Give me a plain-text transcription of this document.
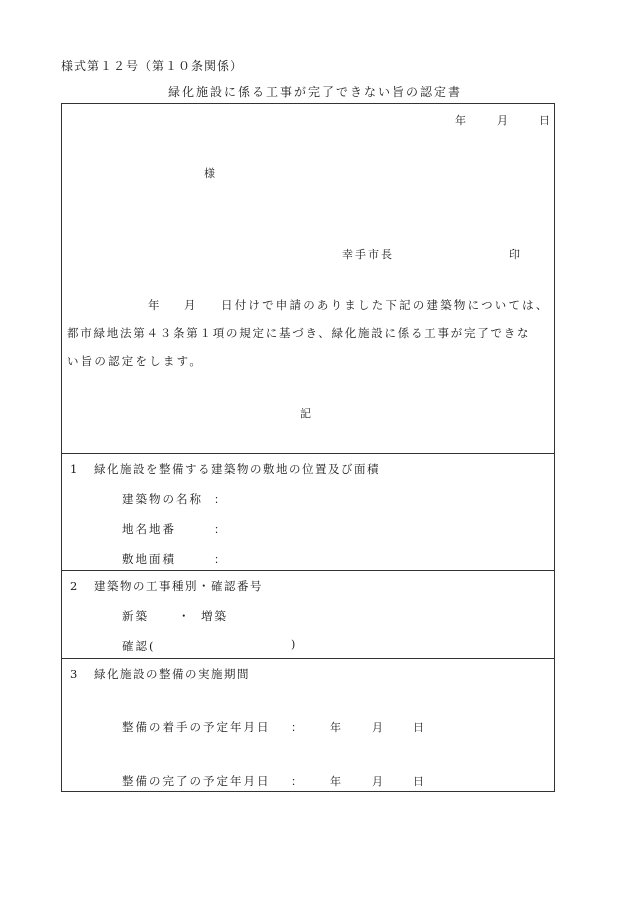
様式第１２号（第１０条関係）
緑化施設に係る工事が完了できない旨の認定書
年	月	日
様
幸手市長	印
年 月 日付けで申請のありました下記の建築物については、
都市緑地法第４３条第１項の規定に基づき、緑化施設に係る工事が完了できな
い旨の認定をします。
記
1 緑化施設を整備する建築物の敷地の位置及び面積
建築物の名称 ：
地名地番	：
敷地面積	：
2 建築物の工事種別・確認番号
新築	・ 増築
確認(	)
3 緑化施設の整備の実施期間
整備の着手の予定年月日 ：	年	月	日
整備の完了の予定年月日 ：	年	月	日
